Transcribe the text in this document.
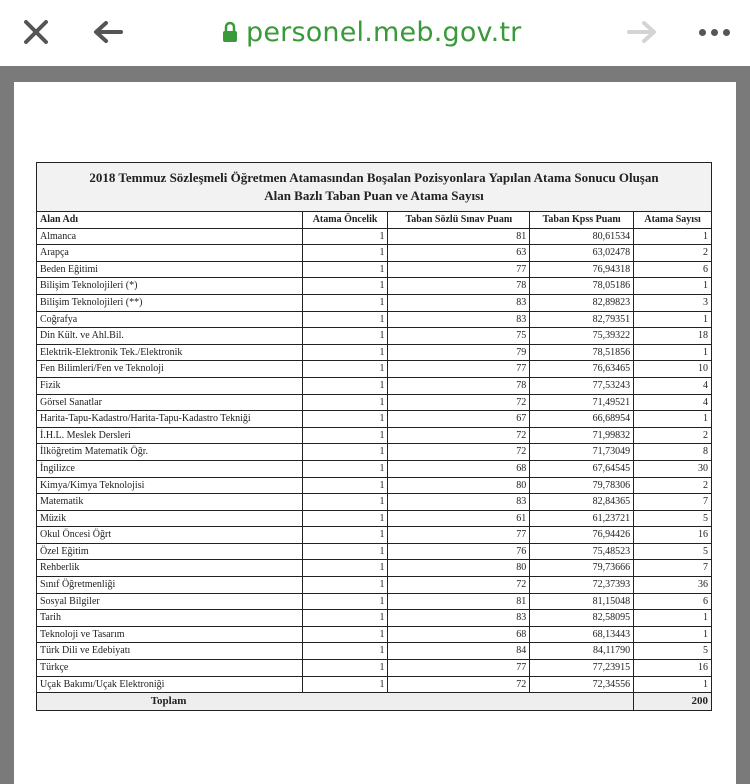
personel.meb.gov.tr
2018 Temmuz Sözleşmeli Öğretmen Atamasından Boşalan Pozisyonlara Yapılan Atama Sonucu Oluşan
Alan Bazlı Taban Puan ve Atama Sayısı				

Alan Adı	Atama Öncelik	Taban Sözlü Sınav Puanı	Taban Kpss Puanı	Atama Sayısı
Almanca	1	81	80,61534	1
Arapça	1	63	63,02478	2
Beden Eğitimi	1	77	76,94318	6
Bilişim Teknolojileri (*)	1	78	78,05186	1
Bilişim Teknolojileri (**)	1	83	82,89823	3
Coğrafya	1	83	82,79351	1
Din Kült. ve Ahl.Bil.	1	75	75,39322	18
Elektrik-Elektronik Tek./Elektronik	1	79	78,51856	1
Fen Bilimleri/Fen ve Teknoloji	1	77	76,63465	10
Fizik	1	78	77,53243	4
Görsel Sanatlar	1	72	71,49521	4
Harita-Tapu-Kadastro/Harita-Tapu-Kadastro Tekniği	1	67	66,68954	1
İ.H.L. Meslek Dersleri	1	72	71,99832	2
İlköğretim Matematik Öğr.	1	72	71,73049	8
İngilizce	1	68	67,64545	30
Kimya/Kimya Teknolojisi	1	80	79,78306	2
Matematik	1	83	82,84365	7
Müzik	1	61	61,23721	5
Okul Öncesi Öğrt	1	77	76,94426	16
Özel Eğitim	1	76	75,48523	5
Rehberlik	1	80	79,73666	7
Sınıf Öğretmenliği	1	72	72,37393	36
Sosyal Bilgiler	1	81	81,15048	6
Tarih	1	83	82,58095	1
Teknoloji ve Tasarım	1	68	68,13443	1
Türk Dili ve Edebiyatı	1	84	84,11790	5
Türkçe	1	77	77,23915	16
Uçak Bakımı/Uçak Elektroniği	1	72	72,34556	1
Toplam				200
